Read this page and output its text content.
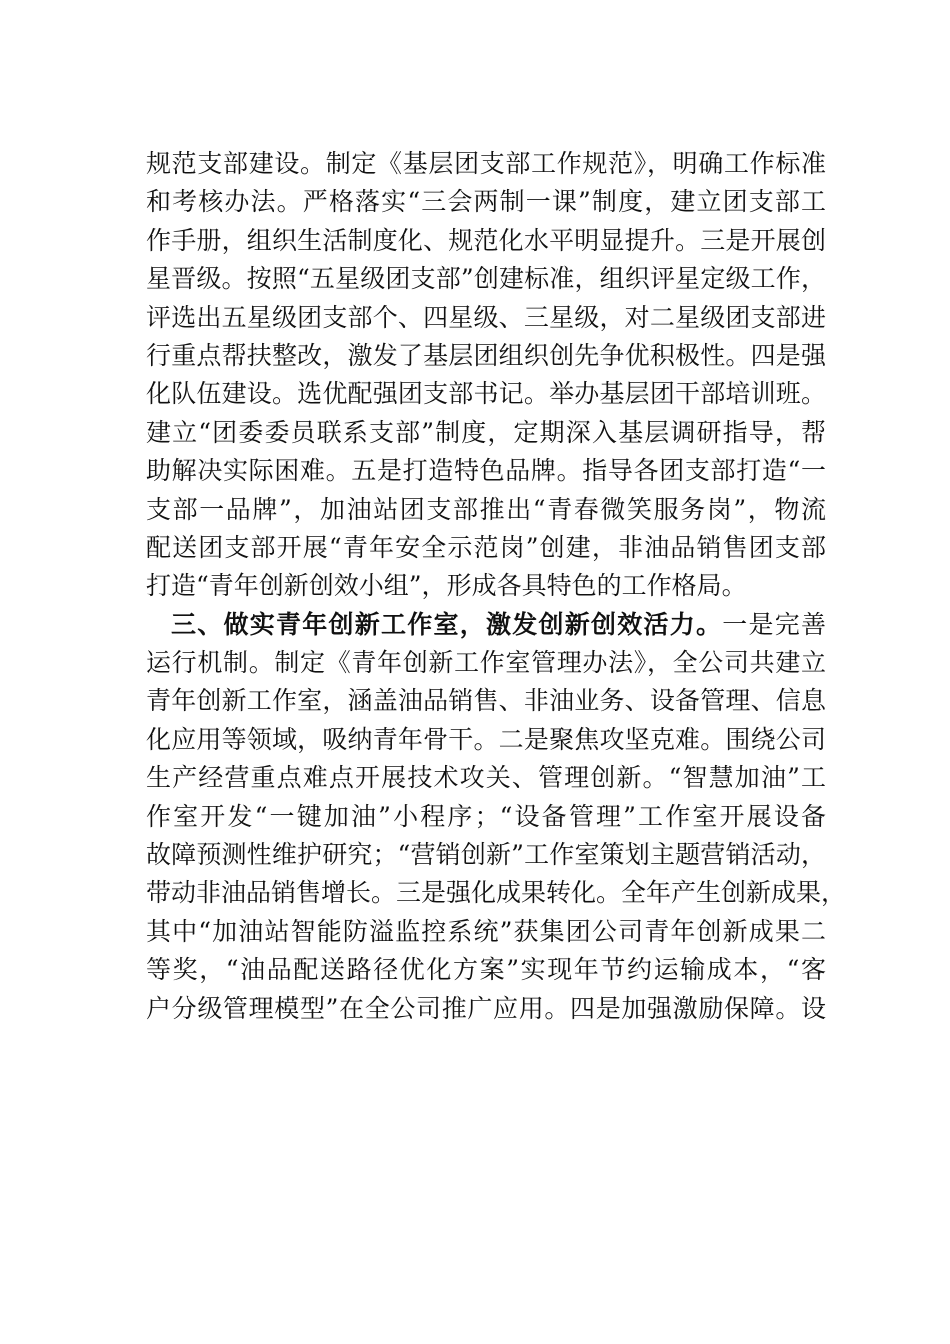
规范支部建设。制定《基层团支部工作规范》，明确工作标准
和考核办法。严格落实“三会两制一课”制度，建立团支部工
作手册，组织生活制度化、规范化水平明显提升。三是开展创
星晋级。按照“五星级团支部”创建标准，组织评星定级工作，
评选出五星级团支部个、四星级、三星级，对二星级团支部进
行重点帮扶整改，激发了基层团组织创先争优积极性。四是强
化队伍建设。选优配强团支部书记。举办基层团干部培训班。
建立“团委委员联系支部”制度，定期深入基层调研指导，帮
助解决实际困难。五是打造特色品牌。指导各团支部打造“一
支部一品牌”，加油站团支部推出“青春微笑服务岗”，物流
配送团支部开展“青年安全示范岗”创建，非油品销售团支部
打造“青年创新创效小组”，形成各具特色的工作格局。
三、做实青年创新工作室，激发创新创效活力。一是完善
运行机制。制定《青年创新工作室管理办法》，全公司共建立
青年创新工作室，涵盖油品销售、非油业务、设备管理、信息
化应用等领域，吸纳青年骨干。二是聚焦攻坚克难。围绕公司
生产经营重点难点开展技术攻关、管理创新。“智慧加油”工
作室开发“一键加油”小程序；“设备管理”工作室开展设备
故障预测性维护研究；“营销创新”工作室策划主题营销活动，
带动非油品销售增长。三是强化成果转化。全年产生创新成果，
其中“加油站智能防溢监控系统”获集团公司青年创新成果二
等奖，“油品配送路径优化方案”实现年节约运输成本，“客
户分级管理模型”在全公司推广应用。四是加强激励保障。设
